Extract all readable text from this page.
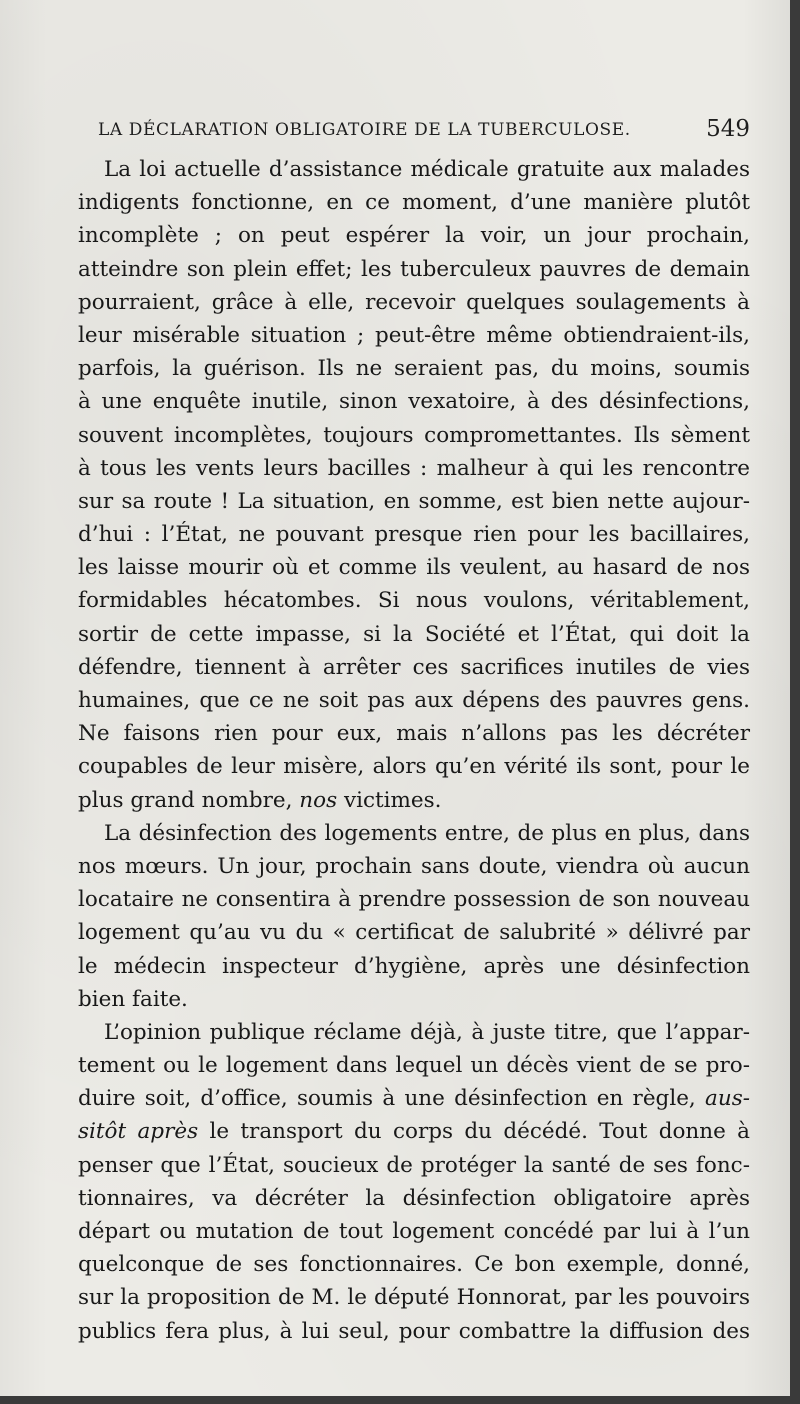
LA DÉCLARATION OBLIGATOIRE DE LA TUBERCULOSE.	549
La loi actuelle d’assistance médicale gratuite aux malades
indigents fonctionne, en ce moment, d’une manière plutôt
incomplète ; on peut espérer la voir, un jour prochain,
atteindre son plein effet; les tuberculeux pauvres de demain
pourraient, grâce à elle, recevoir quelques soulagements à
leur misérable situation ; peut-être même obtiendraient-ils,
parfois, la guérison. Ils ne seraient pas, du moins, soumis
à une enquête inutile, sinon vexatoire, à des désinfections,
souvent incomplètes, toujours compromettantes. Ils sèment
à tous les vents leurs bacilles : malheur à qui les rencontre
sur sa route ! La situation, en somme, est bien nette aujour-
d’hui : l’État, ne pouvant presque rien pour les bacillaires,
les laisse mourir où et comme ils veulent, au hasard de nos
formidables hécatombes. Si nous voulons, véritablement,
sortir de cette impasse, si la Société et l’État, qui doit la
défendre, tiennent à arrêter ces sacrifices inutiles de vies
humaines, que ce ne soit pas aux dépens des pauvres gens.
Ne faisons rien pour eux, mais n’allons pas les décréter
coupables de leur misère, alors qu’en vérité ils sont, pour le
plus grand nombre, nos victimes.
La désinfection des logements entre, de plus en plus, dans
nos mœurs. Un jour, prochain sans doute, viendra où aucun
locataire ne consentira à prendre possession de son nouveau
logement qu’au vu du « certificat de salubrité » délivré par
le médecin inspecteur d’hygiène, après une désinfection
bien faite.
L’opinion publique réclame déjà, à juste titre, que l’appar-
tement ou le logement dans lequel un décès vient de se pro-
duire soit, d’office, soumis à une désinfection en règle, aus-
sitôt après le transport du corps du décédé. Tout donne à
penser que l’État, soucieux de protéger la santé de ses fonc-
tionnaires, va décréter la désinfection obligatoire après
départ ou mutation de tout logement concédé par lui à l’un
quelconque de ses fonctionnaires. Ce bon exemple, donné,
sur la proposition de M. le député Honnorat, par les pouvoirs
publics fera plus, à lui seul, pour combattre la diffusion des
